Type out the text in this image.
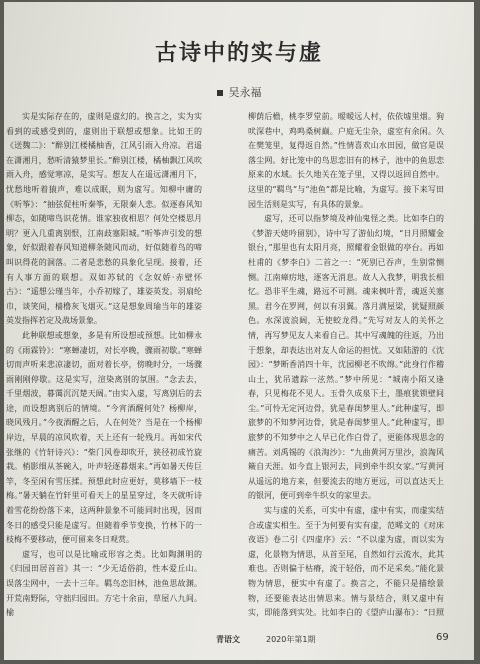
古诗中的实与虚
吴永福

实是实际存在的，虚则是虚幻的。换言之，实为实看到的或感受到的，虚则出于联想或想象。比如王的《送魏二》：“醉别江楼橘柚香，江风引雨入舟凉。君遥在潇湘月，愁听清猿梦里长。”醉别江楼，橘柚飘江风吹雨入舟，感觉寒凉，是实写。想友人在遥远潇湘月下，忧愁地听着猿声，难以成眠，则为虚写。知柳中庸的《听筝》：“抽弦促柱听秦筝，无限秦人悲。似逐春风知柳态，如随啼鸟识花情。谁家独夜相思？何处空楼思月明？更入几重离别恨，江南歧塞阳城。”听筝声引发的想象，好似跟着春风知道柳条随风而动，好似随着鸟的啼叫识得花的洞落。二者是悲愁的具象化呈现。接着，还有人事方面的联想。双如苏轼的《念奴娇·赤壁怀古》：“遥想公瑾当年，小乔初嫁了，雄姿英发。羽扇纶巾，谈笑间，樯橹灰飞烟灭。”这是想象周瑜当年的雄姿英发指挥若定及战场景象。

此种联想或想象，多是有所设想或预想。比如柳永的《雨霖铃》：“寒蝉凄切，对长亭晚，骤雨初歇。”寒蝉切而声听来悲凉凄切，面对着长亭，傍晚时分，一场骤雨刚刚停歇。这是实写，渲染离别的氛围。“念去去，千里烟波，暮霭沉沉楚天阔。”由实入虚，写离别后的去途，而设想离别后的情境。“今宵酒醒何处？杨柳岸，晓风残月。”今夜酒醒之后，人在何处？当是在一个杨柳岸边，早晨的凉风吹着，天上还有一轮残月。再如宋代张继的《竹轩诗兴》：“柴门风卷却吹开，狭径初成竹旋栽。梢影细从茶碗入，叶声轻逐暮烟来。”再如暑天传巨竿，冬至闲有雪压揉。预想此时应更好，莫移墙下一枝梅。”暑天躺在竹轩里可看天上的星星穿过，冬天就听诗着雪花纷纷落下来，这两种景象不可能同时出现，因而冬日的感受只能是虚写。但随着季节变换，竹林下的一枝梅不要移动，便可留来冬日观赏。

虚写，也可以是比喻或形容之类。比如陶渊明的《归园田居首首》其一：“少无适俗韵，性本爱丘山。误落尘网中，一去十三年。羁鸟恋旧林，池鱼思故渊。开荒南野际，守拙归园田。方宅十余亩，草屋八九间。榆

柳荫后檐，桃李罗堂前。暧暧远人村，依依墟里烟。狗吠深巷中，鸡鸣桑树巅。户庭无尘杂，虚室有余闲。久在樊笼里，复得返自然。”性情喜欢山水田园，做官是误落尘网。好比笼中的鸟思恋旧有的林子，池中的鱼思恋原来的水域。长久地关在笼子里，又得以返回自然中。这里的“羁鸟”与“池鱼”都是比喻，为虚写。接下来写田园生活则是实写，有具体的景象。

虚写，还可以指梦境及神仙鬼怪之类。比如李白的《梦游天姥吟留别》，诗中写了游仙幻境，“日月照耀金银台，”那里也有太阳月亮，照耀着金银做的亭台。再如杜甫的《梦李白》二首之一：“死别已吞声，生别常恻恻。江南瘴疠地，逐客无消息。故人入我梦，明我长相忆。恐非平生魂，路远不可测。魂来枫叶青，魂返关塞黑。君今在罗网，何以有羽翼。落月满屋梁，犹疑照颜色。水深波浪阔，无使蛟龙得。”先写对友人的关怀之情，再写梦见友人来看自己。其中写魂魄的往返，乃出于想象，却表达出对友人命运的担忧。又如陆游的《沈园》：“梦断香消四十年，沈园柳老不吹绵。”此身行作稽山土，犹吊遗踪一泫然。”梦中所见：“城南小陌又逢春，只见梅花不见人。玉骨久成泉下土，墨痕犹锁壁间尘。”可怜无定河边骨，犹是春闺梦里人。”此种虚写，即旅梦的不知梦河边骨，犹是春闺梦里人。”此种虚写，即旅梦的不知梦中之人早已化作白骨了，更能体现思念的痛苦。刘禹锡的《浪淘沙》：“九曲黄河万里沙，浪淘风簸自天涯。如今直上银河去，同到牵牛织女家。”写黄河从遥远的地方来，但要流去的地方更远，可以直达天上的银河，便可到牵牛织女的家里去。

实与虚的关系，可实中有虚，虚中有实，而虚实结合或虚实相生。至于为何要有实有虚，范晞文的《对床夜语》卷二引《四虚序》云：“不以虚为虚，而以实为虚，化景物为情思，从首至尾，自然如行云流水，此其难也。否则偏于枯瘠，流于轻俗，而不足采矣。”能化景物为情思，便实中有虚了。换言之，不能只是描绘景物，还要能表达出情思来。情与景结合，则又虚中有实，即能落到实处。比如李白的《望庐山瀑布》：“日照

青语文	2020年第1期	69
